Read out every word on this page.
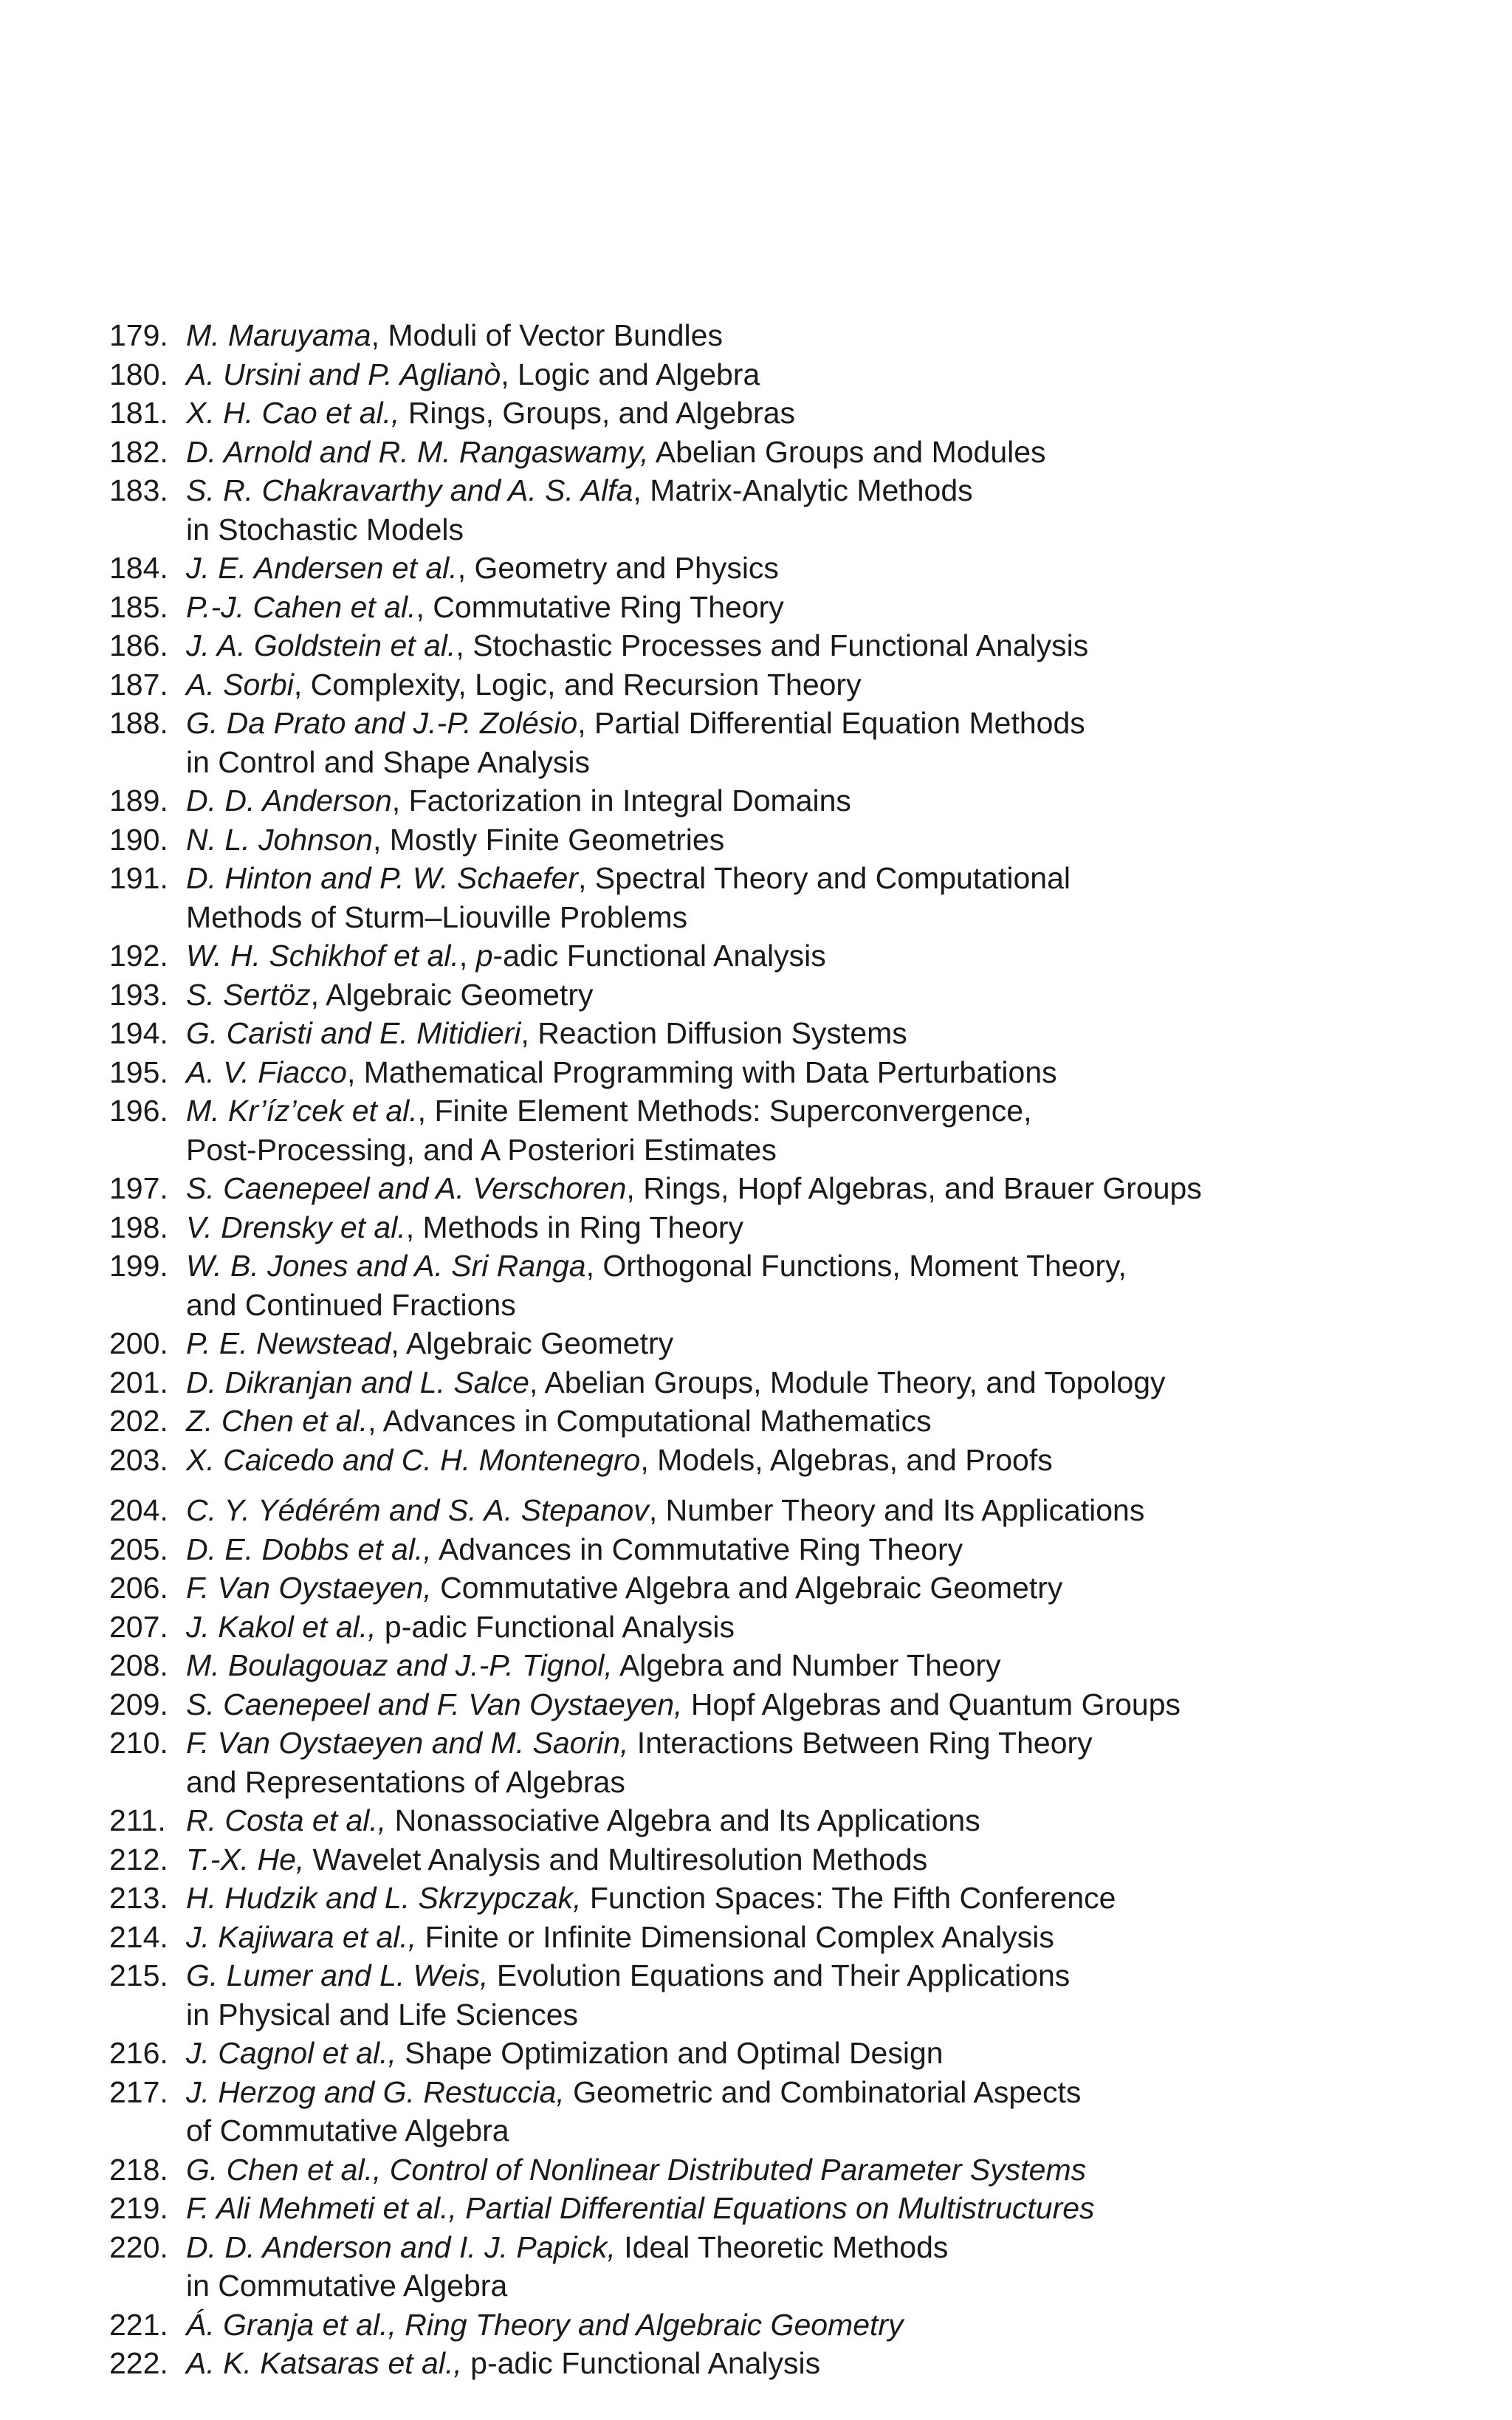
179. M. Maruyama, Moduli of Vector Bundles
180. A. Ursini and P. Aglianò, Logic and Algebra
181. X. H. Cao et al., Rings, Groups, and Algebras
182. D. Arnold and R. M. Rangaswamy, Abelian Groups and Modules
183. S. R. Chakravarthy and A. S. Alfa, Matrix-Analytic Methods
in Stochastic Models
184. J. E. Andersen et al., Geometry and Physics
185. P.-J. Cahen et al., Commutative Ring Theory
186. J. A. Goldstein et al., Stochastic Processes and Functional Analysis
187. A. Sorbi, Complexity, Logic, and Recursion Theory
188. G. Da Prato and J.-P. Zolésio, Partial Differential Equation Methods
in Control and Shape Analysis
189. D. D. Anderson, Factorization in Integral Domains
190. N. L. Johnson, Mostly Finite Geometries
191. D. Hinton and P. W. Schaefer, Spectral Theory and Computational
Methods of Sturm–Liouville Problems
192. W. H. Schikhof et al., p-adic Functional Analysis
193. S. Sertöz, Algebraic Geometry
194. G. Caristi and E. Mitidieri, Reaction Diffusion Systems
195. A. V. Fiacco, Mathematical Programming with Data Perturbations
196. M. Kr’íz’cek et al., Finite Element Methods: Superconvergence,
Post-Processing, and A Posteriori Estimates
197. S. Caenepeel and A. Verschoren, Rings, Hopf Algebras, and Brauer Groups
198. V. Drensky et al., Methods in Ring Theory
199. W. B. Jones and A. Sri Ranga, Orthogonal Functions, Moment Theory,
and Continued Fractions
200. P. E. Newstead, Algebraic Geometry
201. D. Dikranjan and L. Salce, Abelian Groups, Module Theory, and Topology
202. Z. Chen et al., Advances in Computational Mathematics
203. X. Caicedo and C. H. Montenegro, Models, Algebras, and Proofs
204. C. Y. Yédérém and S. A. Stepanov, Number Theory and Its Applications
205. D. E. Dobbs et al., Advances in Commutative Ring Theory
206. F. Van Oystaeyen, Commutative Algebra and Algebraic Geometry
207. J. Kakol et al., p-adic Functional Analysis
208. M. Boulagouaz and J.-P. Tignol, Algebra and Number Theory
209. S. Caenepeel and F. Van Oystaeyen, Hopf Algebras and Quantum Groups
210. F. Van Oystaeyen and M. Saorin, Interactions Between Ring Theory
and Representations of Algebras
211. R. Costa et al., Nonassociative Algebra and Its Applications
212. T.-X. He, Wavelet Analysis and Multiresolution Methods
213. H. Hudzik and L. Skrzypczak, Function Spaces: The Fifth Conference
214. J. Kajiwara et al., Finite or Infinite Dimensional Complex Analysis
215. G. Lumer and L. Weis, Evolution Equations and Their Applications
in Physical and Life Sciences
216. J. Cagnol et al., Shape Optimization and Optimal Design
217. J. Herzog and G. Restuccia, Geometric and Combinatorial Aspects
of Commutative Algebra
218. G. Chen et al., Control of Nonlinear Distributed Parameter Systems
219. F. Ali Mehmeti et al., Partial Differential Equations on Multistructures
220. D. D. Anderson and I. J. Papick, Ideal Theoretic Methods
in Commutative Algebra
221. Á. Granja et al., Ring Theory and Algebraic Geometry
222. A. K. Katsaras et al., p-adic Functional Analysis
